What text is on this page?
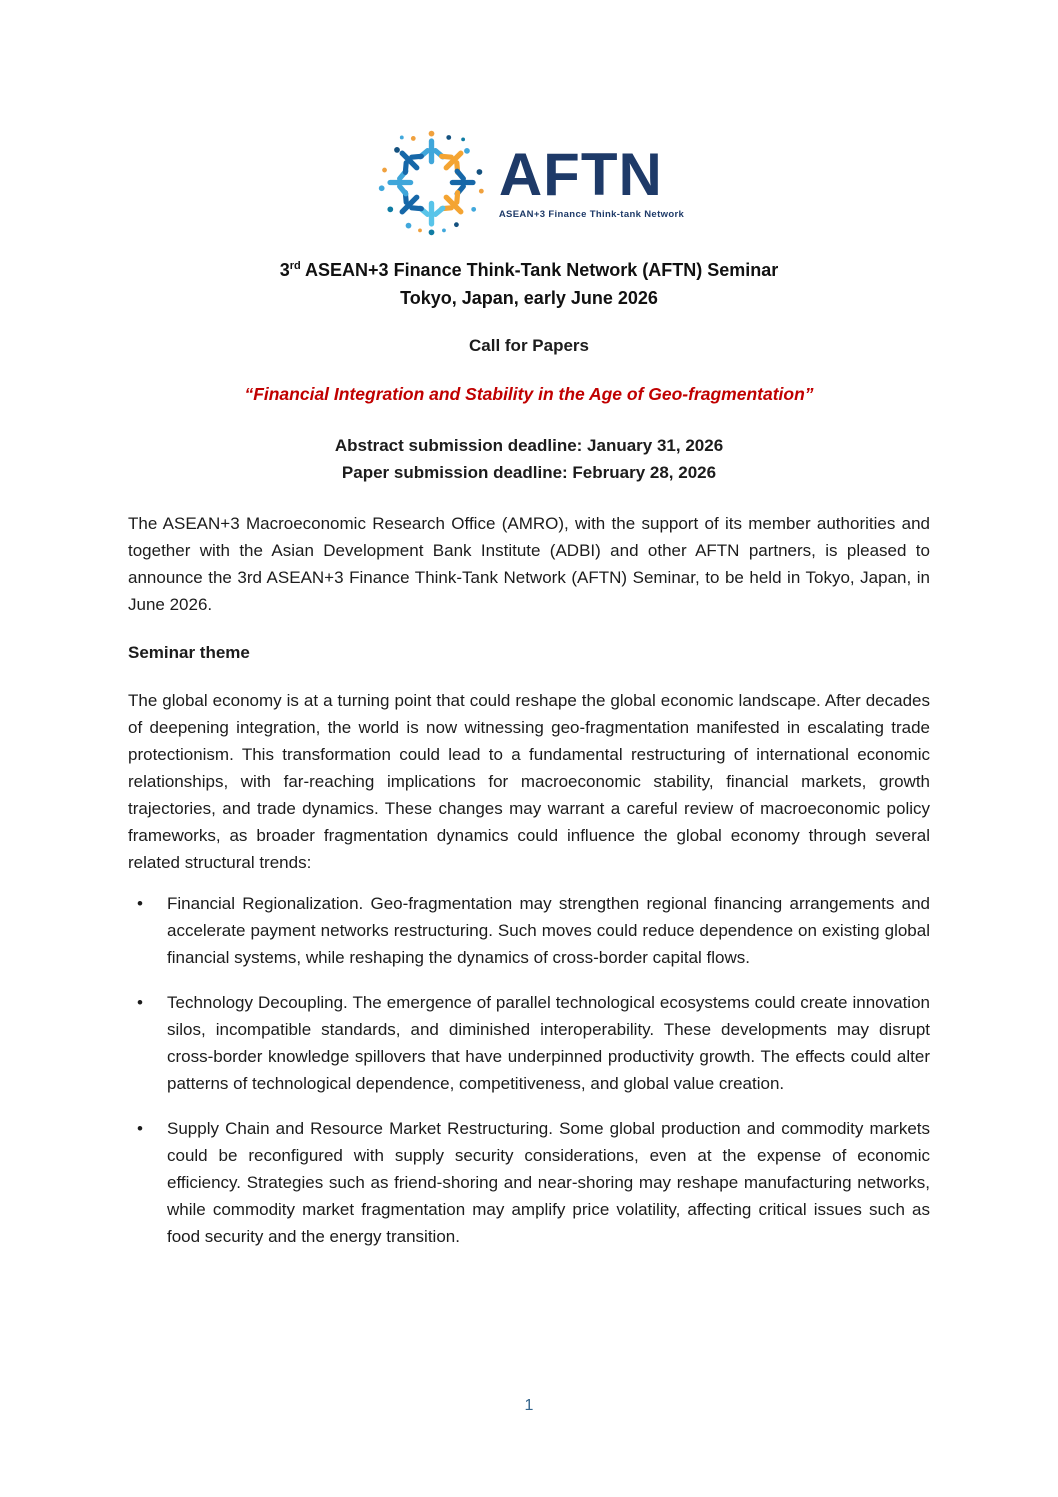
AFTN
ASEAN+3 Finance Think-tank Network
3rd ASEAN+3 Finance Think-Tank Network (AFTN) Seminar
Tokyo, Japan, early June 2026
Call for Papers
“Financial Integration and Stability in the Age of Geo-fragmentation”
Abstract submission deadline: January 31, 2026
Paper submission deadline: February 28, 2026

The ASEAN+3 Macroeconomic Research Office (AMRO), with the support of its member authorities and together with the Asian Development Bank Institute (ADBI) and other AFTN partners, is pleased to announce the 3rd ASEAN+3 Finance Think-Tank Network (AFTN) Seminar, to be held in Tokyo, Japan, in June 2026.

Seminar theme

The global economy is at a turning point that could reshape the global economic landscape. After decades of deepening integration, the world is now witnessing geo-fragmentation manifested in escalating trade protectionism. This transformation could lead to a fundamental restructuring of international economic relationships, with far-reaching implications for macroeconomic stability, financial markets, growth trajectories, and trade dynamics. These changes may warrant a careful review of macroeconomic policy frameworks, as broader fragmentation dynamics could influence the global economy through several related structural trends:

•	Financial Regionalization. Geo-fragmentation may strengthen regional financing arrangements and accelerate payment networks restructuring. Such moves could reduce dependence on existing global financial systems, while reshaping the dynamics of cross-border capital flows.
•	Technology Decoupling. The emergence of parallel technological ecosystems could create innovation silos, incompatible standards, and diminished interoperability. These developments may disrupt cross-border knowledge spillovers that have underpinned productivity growth. The effects could alter patterns of technological dependence, competitiveness, and global value creation.
•	Supply Chain and Resource Market Restructuring. Some global production and commodity markets could be reconfigured with supply security considerations, even at the expense of economic efficiency. Strategies such as friend-shoring and near-shoring may reshape manufacturing networks, while commodity market fragmentation may amplify price volatility, affecting critical issues such as food security and the energy transition.
1
